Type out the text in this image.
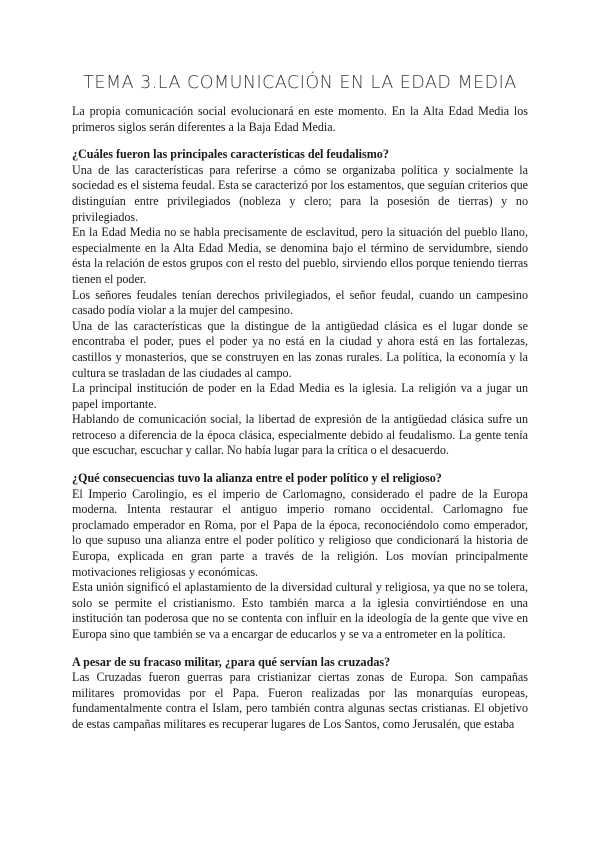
TEMA 3.LA COMUNICACIÓN EN LA EDAD MEDIA

La propia comunicación social evolucionará en este momento. En la Alta Edad Media los primeros siglos serán diferentes a la Baja Edad Media.

¿Cuáles fueron las principales características del feudalismo?

Una de las características para referirse a cómo se organizaba política y socialmente la sociedad es el sistema feudal. Esta se caracterizó por los estamentos, que seguían criterios que distinguían entre privilegiados (nobleza y clero; para la posesión de tierras) y no privilegiados.

En la Edad Media no se habla precisamente de esclavitud, pero la situación del pueblo llano, especialmente en la Alta Edad Media, se denomina bajo el término de servidumbre, siendo ésta la relación de estos grupos con el resto del pueblo, sirviendo ellos porque teniendo tierras tienen el poder.

Los señores feudales tenían derechos privilegiados, el señor feudal, cuando un campesino casado podía violar a la mujer del campesino.

Una de las características que la distingue de la antigüedad clásica es el lugar donde se encontraba el poder, pues el poder ya no está en la ciudad y ahora está en las fortalezas, castillos y monasterios, que se construyen en las zonas rurales. La política, la economía y la cultura se trasladan de las ciudades al campo.

La principal institución de poder en la Edad Media es la iglesia. La religión va a jugar un papel importante.

Hablando de comunicación social, la libertad de expresión de la antigüedad clásica sufre un retroceso a diferencia de la época clásica, especialmente debido al feudalismo. La gente tenía que escuchar, escuchar y callar. No había lugar para la crítica o el desacuerdo.

¿Qué consecuencias tuvo la alianza entre el poder político y el religioso?

El Imperio Carolingio, es el imperio de Carlomagno, considerado el padre de la Europa moderna. Intenta restaurar el antiguo imperio romano occidental. Carlomagno fue proclamado emperador en Roma, por el Papa de la época, reconociéndolo como emperador, lo que supuso una alianza entre el poder político y religioso que condicionará la historia de Europa, explicada en gran parte a través de la religión. Los movían principalmente motivaciones religiosas y económicas.

Esta unión significó el aplastamiento de la diversidad cultural y religiosa, ya que no se tolera, solo se permite el cristianismo. Esto también marca a la iglesia convirtiéndose en una institución tan poderosa que no se contenta con influir en la ideología de la gente que vive en Europa sino que también se va a encargar de educarlos y se va a entrometer en la política.

A pesar de su fracaso militar, ¿para qué servían las cruzadas?

Las Cruzadas fueron guerras para cristianizar ciertas zonas de Europa. Son campañas militares promovidas por el Papa. Fueron realizadas por las monarquías europeas, fundamentalmente contra el Islam, pero también contra algunas sectas cristianas. El objetivo de estas campañas militares es recuperar lugares de Los Santos, como Jerusalén, que estaba
